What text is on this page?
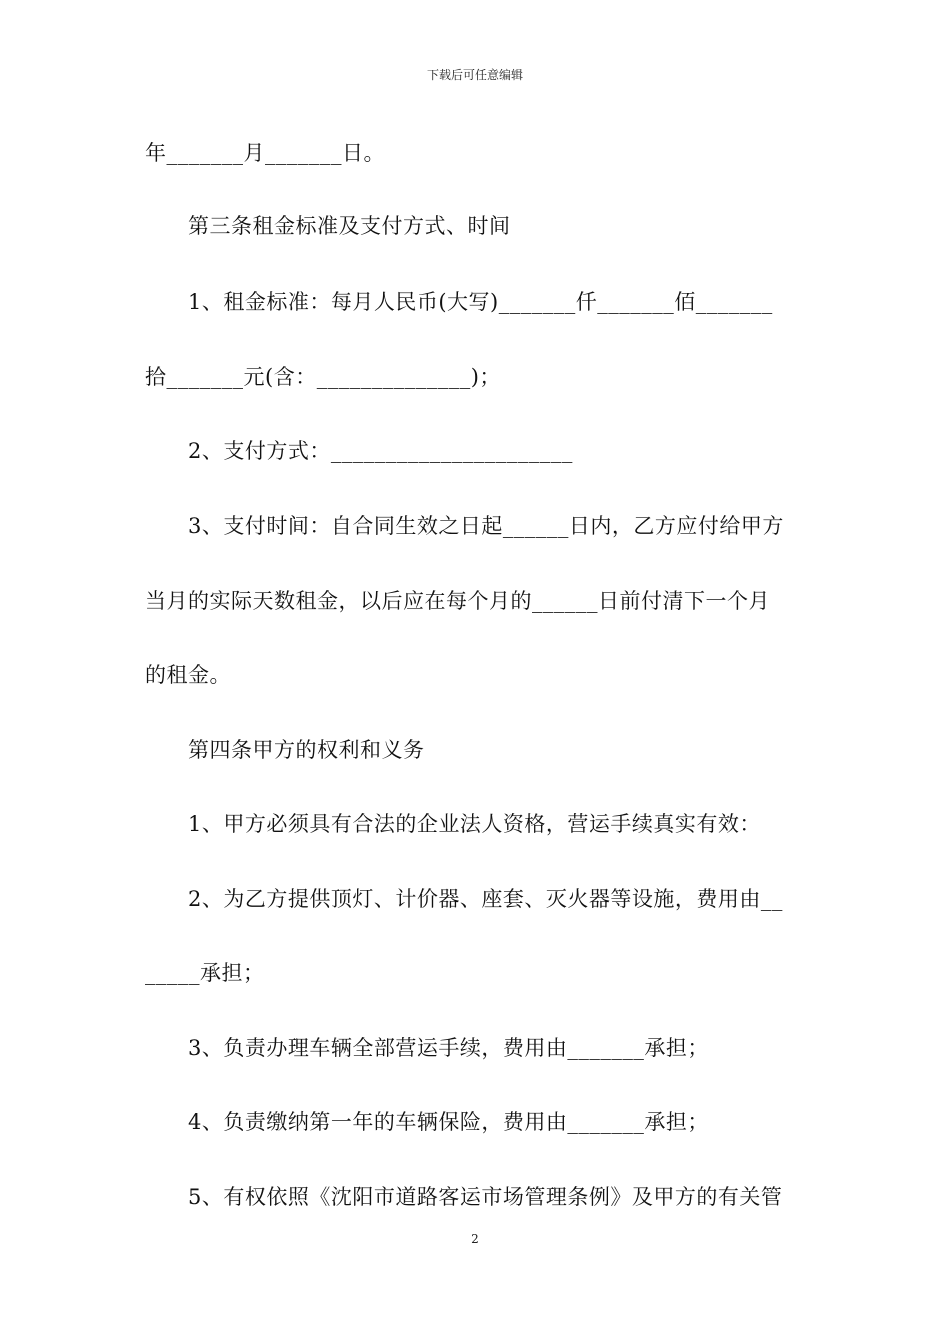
下载后可任意编辑
年_______月_______日。
第三条租金标准及支付方式、时间
1、租金标准：每月人民币(大写)_______仟_______佰_______
拾_______元(含：______________)；
2、支付方式：______________________
3、支付时间：自合同生效之日起______日内，乙方应付给甲方
当月的实际天数租金，以后应在每个月的______日前付清下一个月
的租金。
第四条甲方的权利和义务
1、甲方必须具有合法的企业法人资格，营运手续真实有效：
2、为乙方提供顶灯、计价器、座套、灭火器等设施，费用由__
_____承担；
3、负责办理车辆全部营运手续，费用由_______承担；
4、负责缴纳第一年的车辆保险，费用由_______承担；
5、有权依照《沈阳市道路客运市场管理条例》及甲方的有关管
2
